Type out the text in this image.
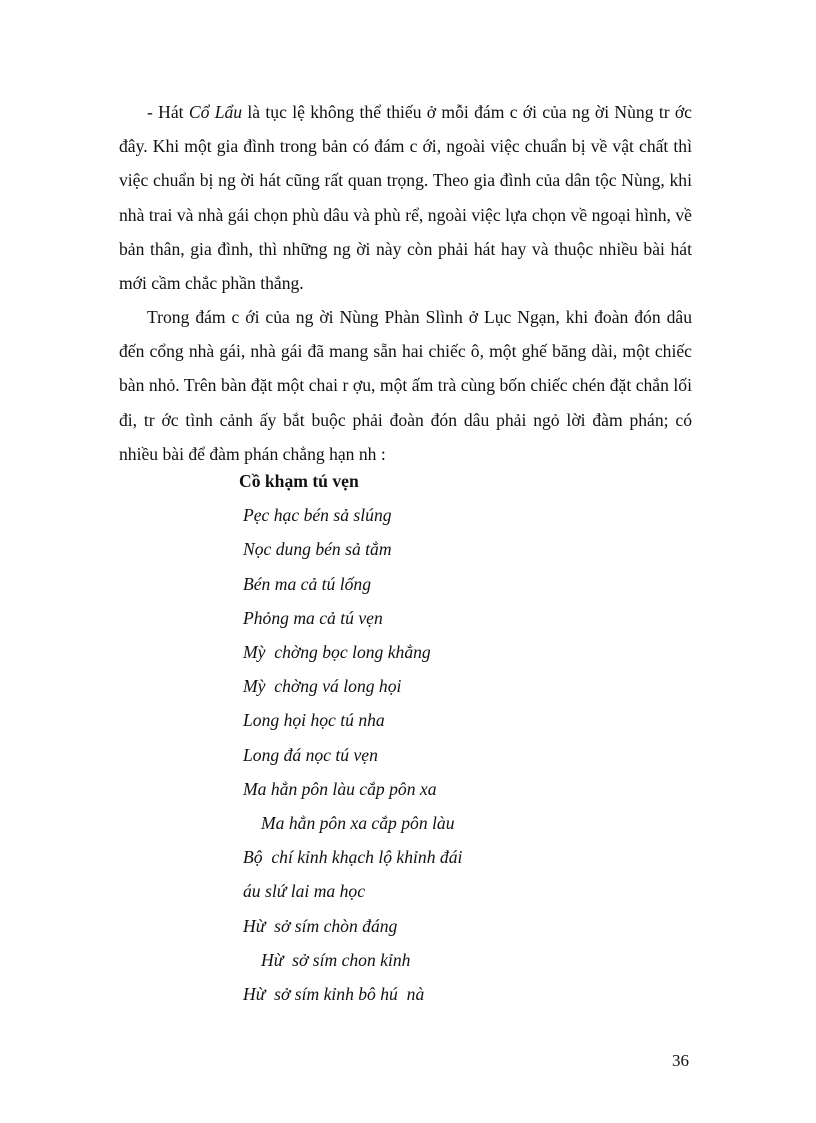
- Hát Cổ Lẩu là tục lệ không thể thiếu ở mỗi đám c ới của ng ời Nùng tr ớc đây. Khi một gia đình trong bản có đám c ới, ngoài việc chuẩn bị về vật chất thì việc chuẩn bị ng ời hát cũng rất quan trọng. Theo gia đình của dân tộc Nùng, khi nhà trai và nhà gái chọn phù dâu và phù rể, ngoài việc lựa chọn về ngoại hình, về bản thân, gia đình, thì những ng ời này còn phải hát hay và thuộc nhiều bài hát mới cầm chắc phần thắng.

Trong đám c ới của ng ời Nùng Phàn Slình ở Lục Ngạn, khi đoàn đón dâu đến cổng nhà gái, nhà gái đã mang sẵn hai chiếc ô, một ghế băng dài, một chiếc bàn nhỏ. Trên bàn đặt một chai r ợu, một ấm trà cùng bốn chiếc chén đặt chắn lối đi, tr ớc tình cảnh ấy bắt buộc phải đoàn đón dâu phải ngỏ lời đàm phán; có nhiều bài để đàm phán chẳng hạn nh :

Cồ khạm tú vẹn
Pẹc hạc bén sả slúng
Nọc dung bén sả tẳm
Bén ma cả tú lống
Phỏng ma cả tú vẹn
Mỳ  chờng bọc long khẳng
Mỳ  chờng vá long họi
Long họi học tú nha
Long đá nọc tú vẹn
Ma hẳn pôn làu cắp pôn xa
Ma hẳn pôn xa cắp pôn làu
Bộ  chí kỉnh khạch lộ khỉnh đái
áu slứ lai ma học
Hừ  sở sím chòn đáng
Hừ  sở sím chon kỉnh
Hừ  sở sím kỉnh bô hú  nà
36
